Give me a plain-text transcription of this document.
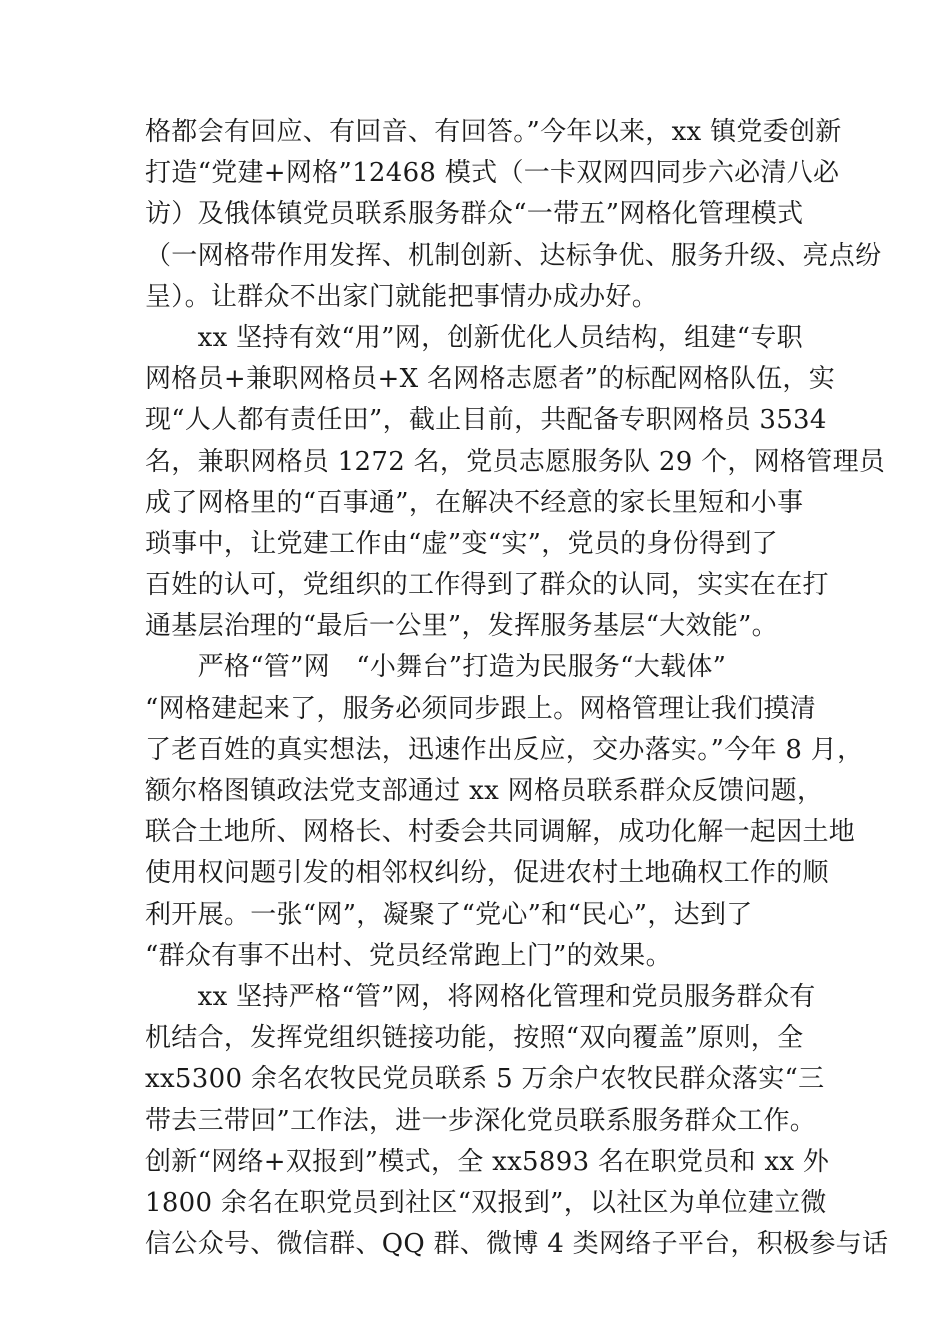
格都会有回应、有回音、有回答。”今年以来，xx 镇党委创新
打造“党建+网格”12468 模式（一卡双网四同步六必清八必
访）及俄体镇党员联系服务群众“一带五”网格化管理模式
（一网格带作用发挥、机制创新、达标争优、服务升级、亮点纷
呈）。让群众不出家门就能把事情办成办好。
　　xx 坚持有效“用”网，创新优化人员结构，组建“专职
网格员+兼职网格员+X 名网格志愿者”的标配网格队伍，实
现“人人都有责任田”，截止目前，共配备专职网格员 3534
名，兼职网格员 1272 名，党员志愿服务队 29 个，网格管理员
成了网格里的“百事通”，在解决不经意的家长里短和小事
琐事中，让党建工作由“虚”变“实”，党员的身份得到了
百姓的认可，党组织的工作得到了群众的认同，实实在在打
通基层治理的“最后一公里”，发挥服务基层“大效能”。
　　严格“管”网　“小舞台”打造为民服务“大载体”
“网格建起来了，服务必须同步跟上。网格管理让我们摸清
了老百姓的真实想法，迅速作出反应，交办落实。”今年 8 月，
额尔格图镇政法党支部通过 xx 网格员联系群众反馈问题，
联合土地所、网格长、村委会共同调解，成功化解一起因土地
使用权问题引发的相邻权纠纷，促进农村土地确权工作的顺
利开展。一张“网”，凝聚了“党心”和“民心”，达到了
“群众有事不出村、党员经常跑上门”的效果。
　　xx 坚持严格“管”网，将网格化管理和党员服务群众有
机结合，发挥党组织链接功能，按照“双向覆盖”原则，全
xx5300 余名农牧民党员联系 5 万余户农牧民群众落实“三
带去三带回”工作法，进一步深化党员联系服务群众工作。
创新“网络+双报到”模式，全 xx5893 名在职党员和 xx 外
1800 余名在职党员到社区“双报到”，以社区为单位建立微
信公众号、微信群、QQ 群、微博 4 类网络子平台，积极参与话
